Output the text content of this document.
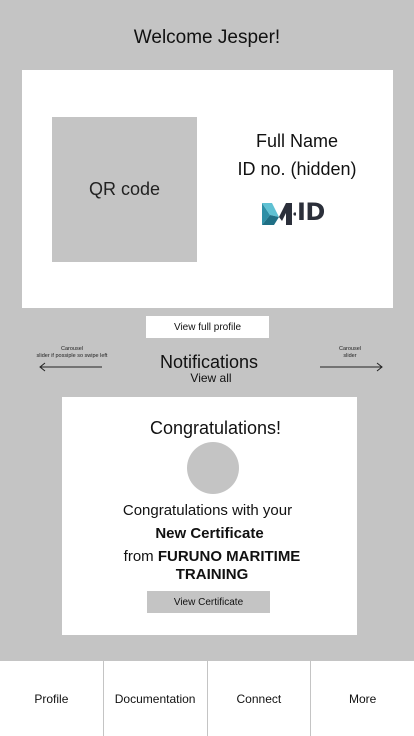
Welcome Jesper!
QR code
Full Name
ID no. (hidden)
ID
View full profile
Carousel
slider if possiple so swipe left	Notifications
View all
Carousel
slider
Congratulations!
Congratulations with your
New Certificate
from FURUNO MARITIME TRAINING
View Certificate
Profile	Documentation	Connect	More
